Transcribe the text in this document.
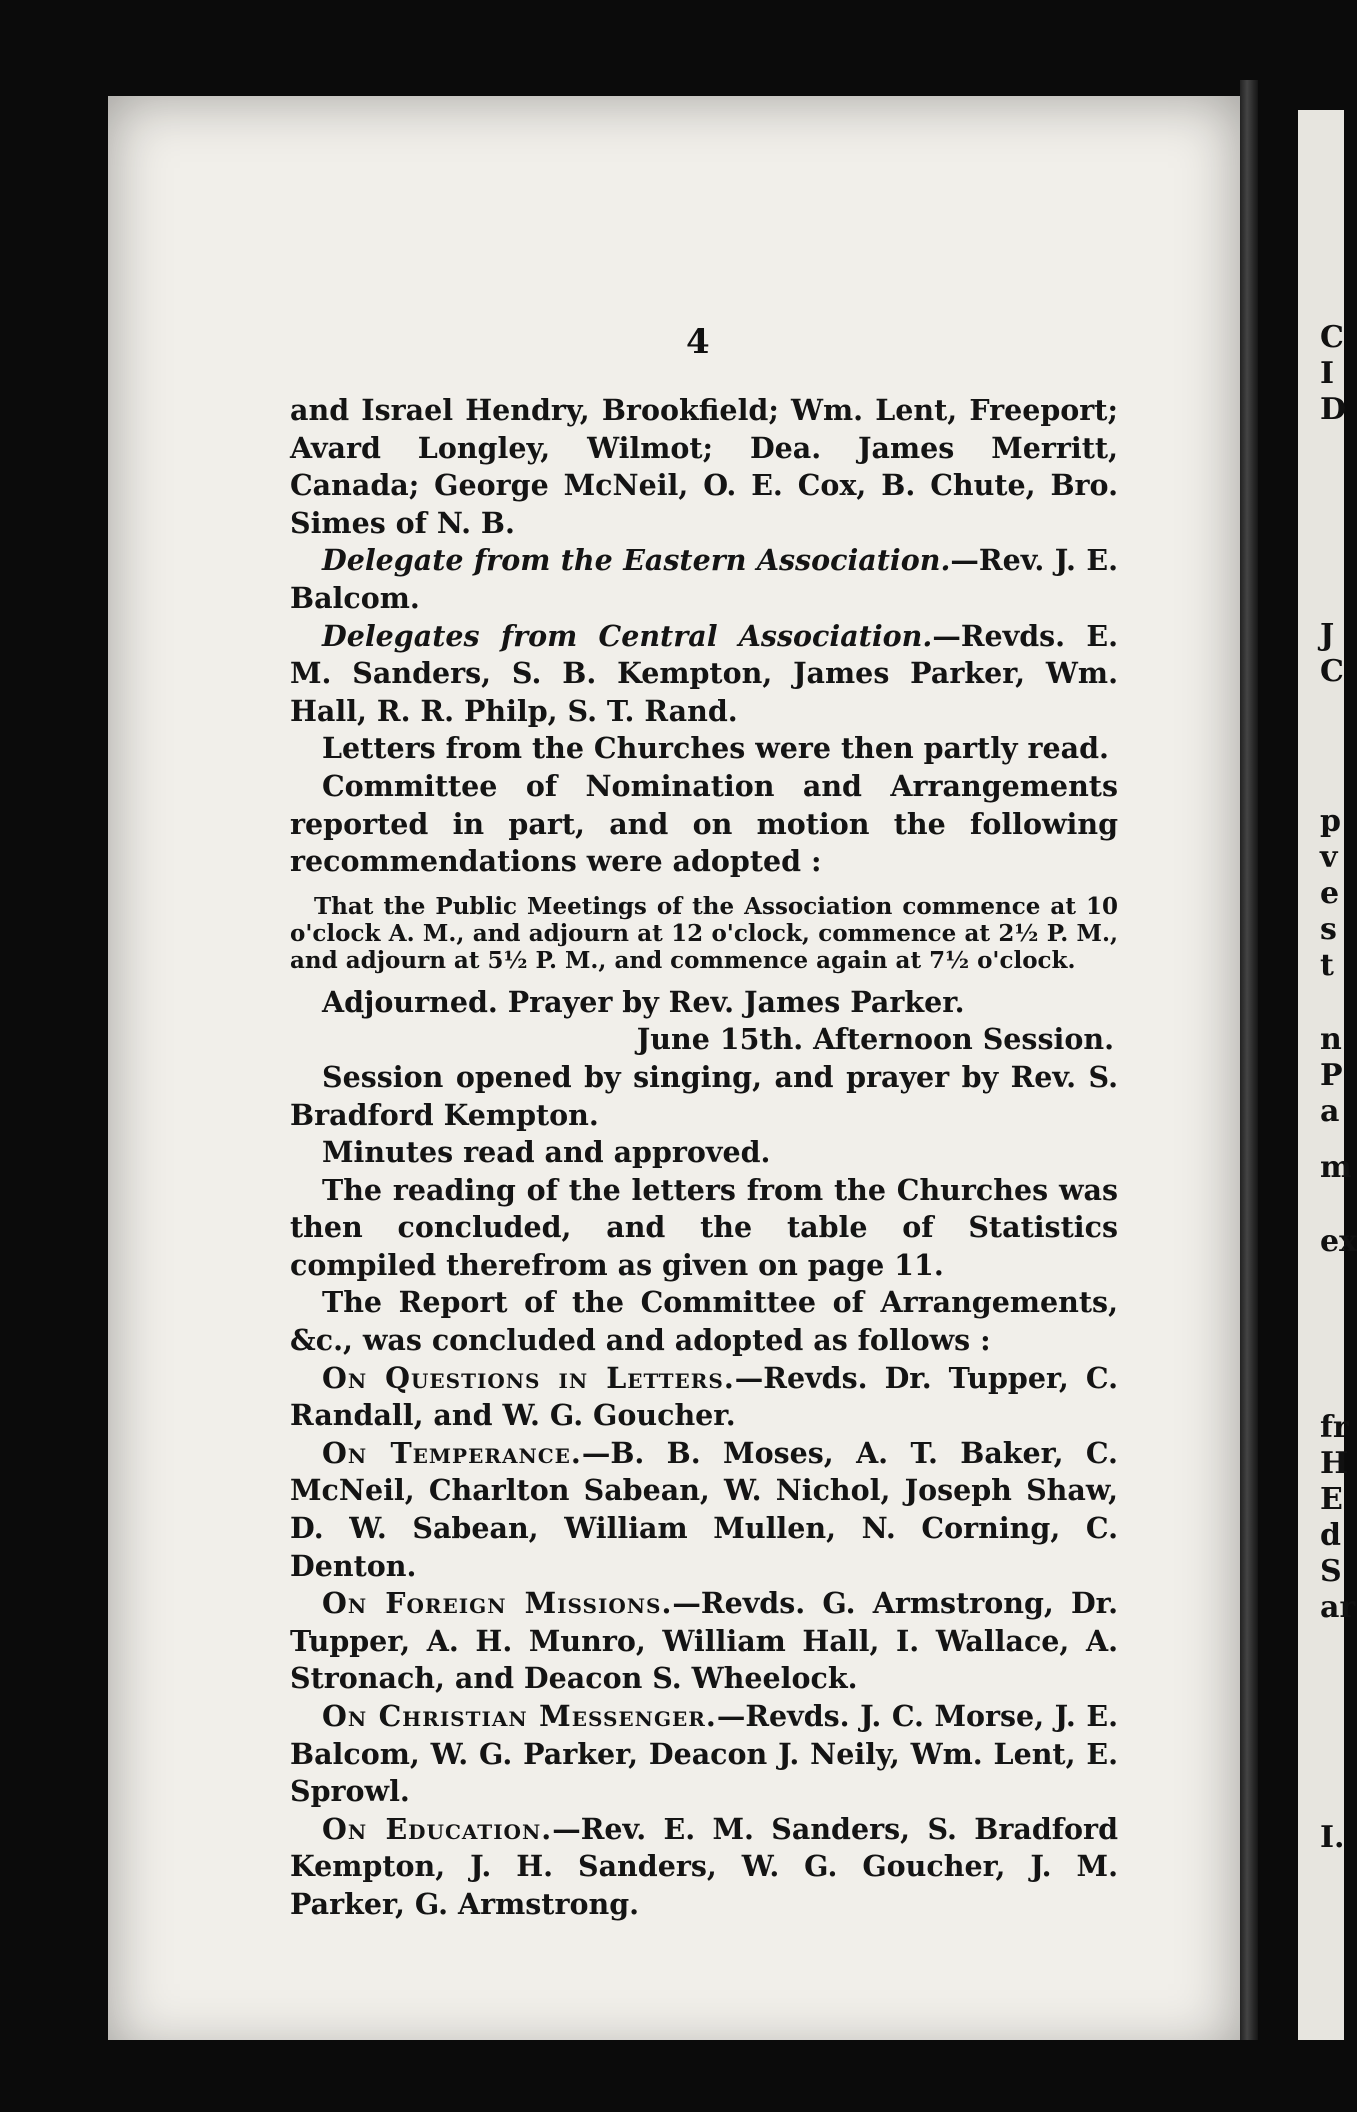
C
I
D
J
C
p
v
e
s
t
n
P
a
m
ex
fr
H
E
d
S
ar
I.
4

and Israel Hendry, Brookfield; Wm. Lent, Freeport; Avard Longley, Wilmot; Dea. James Merritt, Canada; George McNeil, O. E. Cox, B. Chute, Bro. Simes of N. B.

Delegate from the Eastern Association.—Rev. J. E. Balcom.

Delegates from Central Association.—Revds. E. M. Sanders, S. B. Kempton, James Parker, Wm. Hall, R. R. Philp, S. T. Rand.

Letters from the Churches were then partly read.

Committee of Nomination and Arrangements reported in part, and on motion the following recommendations were adopted :

That the Public Meetings of the Association commence at 10 o'clock A. M., and adjourn at 12 o'clock, commence at 2½ P. M., and adjourn at 5½ P. M., and commence again at 7½ o'clock.

Adjourned. Prayer by Rev. James Parker.

June 15th. Afternoon Session.

Session opened by singing, and prayer by Rev. S. Bradford Kempton.

Minutes read and approved.

The reading of the letters from the Churches was then concluded, and the table of Statistics compiled therefrom as given on page 11.

The Report of the Committee of Arrangements, &c., was concluded and adopted as follows :

On Questions in Letters.—Revds. Dr. Tupper, C. Randall, and W. G. Goucher.

On Temperance.—B. B. Moses, A. T. Baker, C. McNeil, Charlton Sabean, W. Nichol, Joseph Shaw, D. W. Sabean, William Mullen, N. Corning, C. Denton.

On Foreign Missions.—Revds. G. Armstrong, Dr. Tupper, A. H. Munro, William Hall, I. Wallace, A. Stronach, and Deacon S. Wheelock.

On Christian Messenger.—Revds. J. C. Morse, J. E. Balcom, W. G. Parker, Deacon J. Neily, Wm. Lent, E. Sprowl.

On Education.—Rev. E. M. Sanders, S. Bradford Kempton, J. H. Sanders, W. G. Goucher, J. M. Parker, G. Armstrong.
